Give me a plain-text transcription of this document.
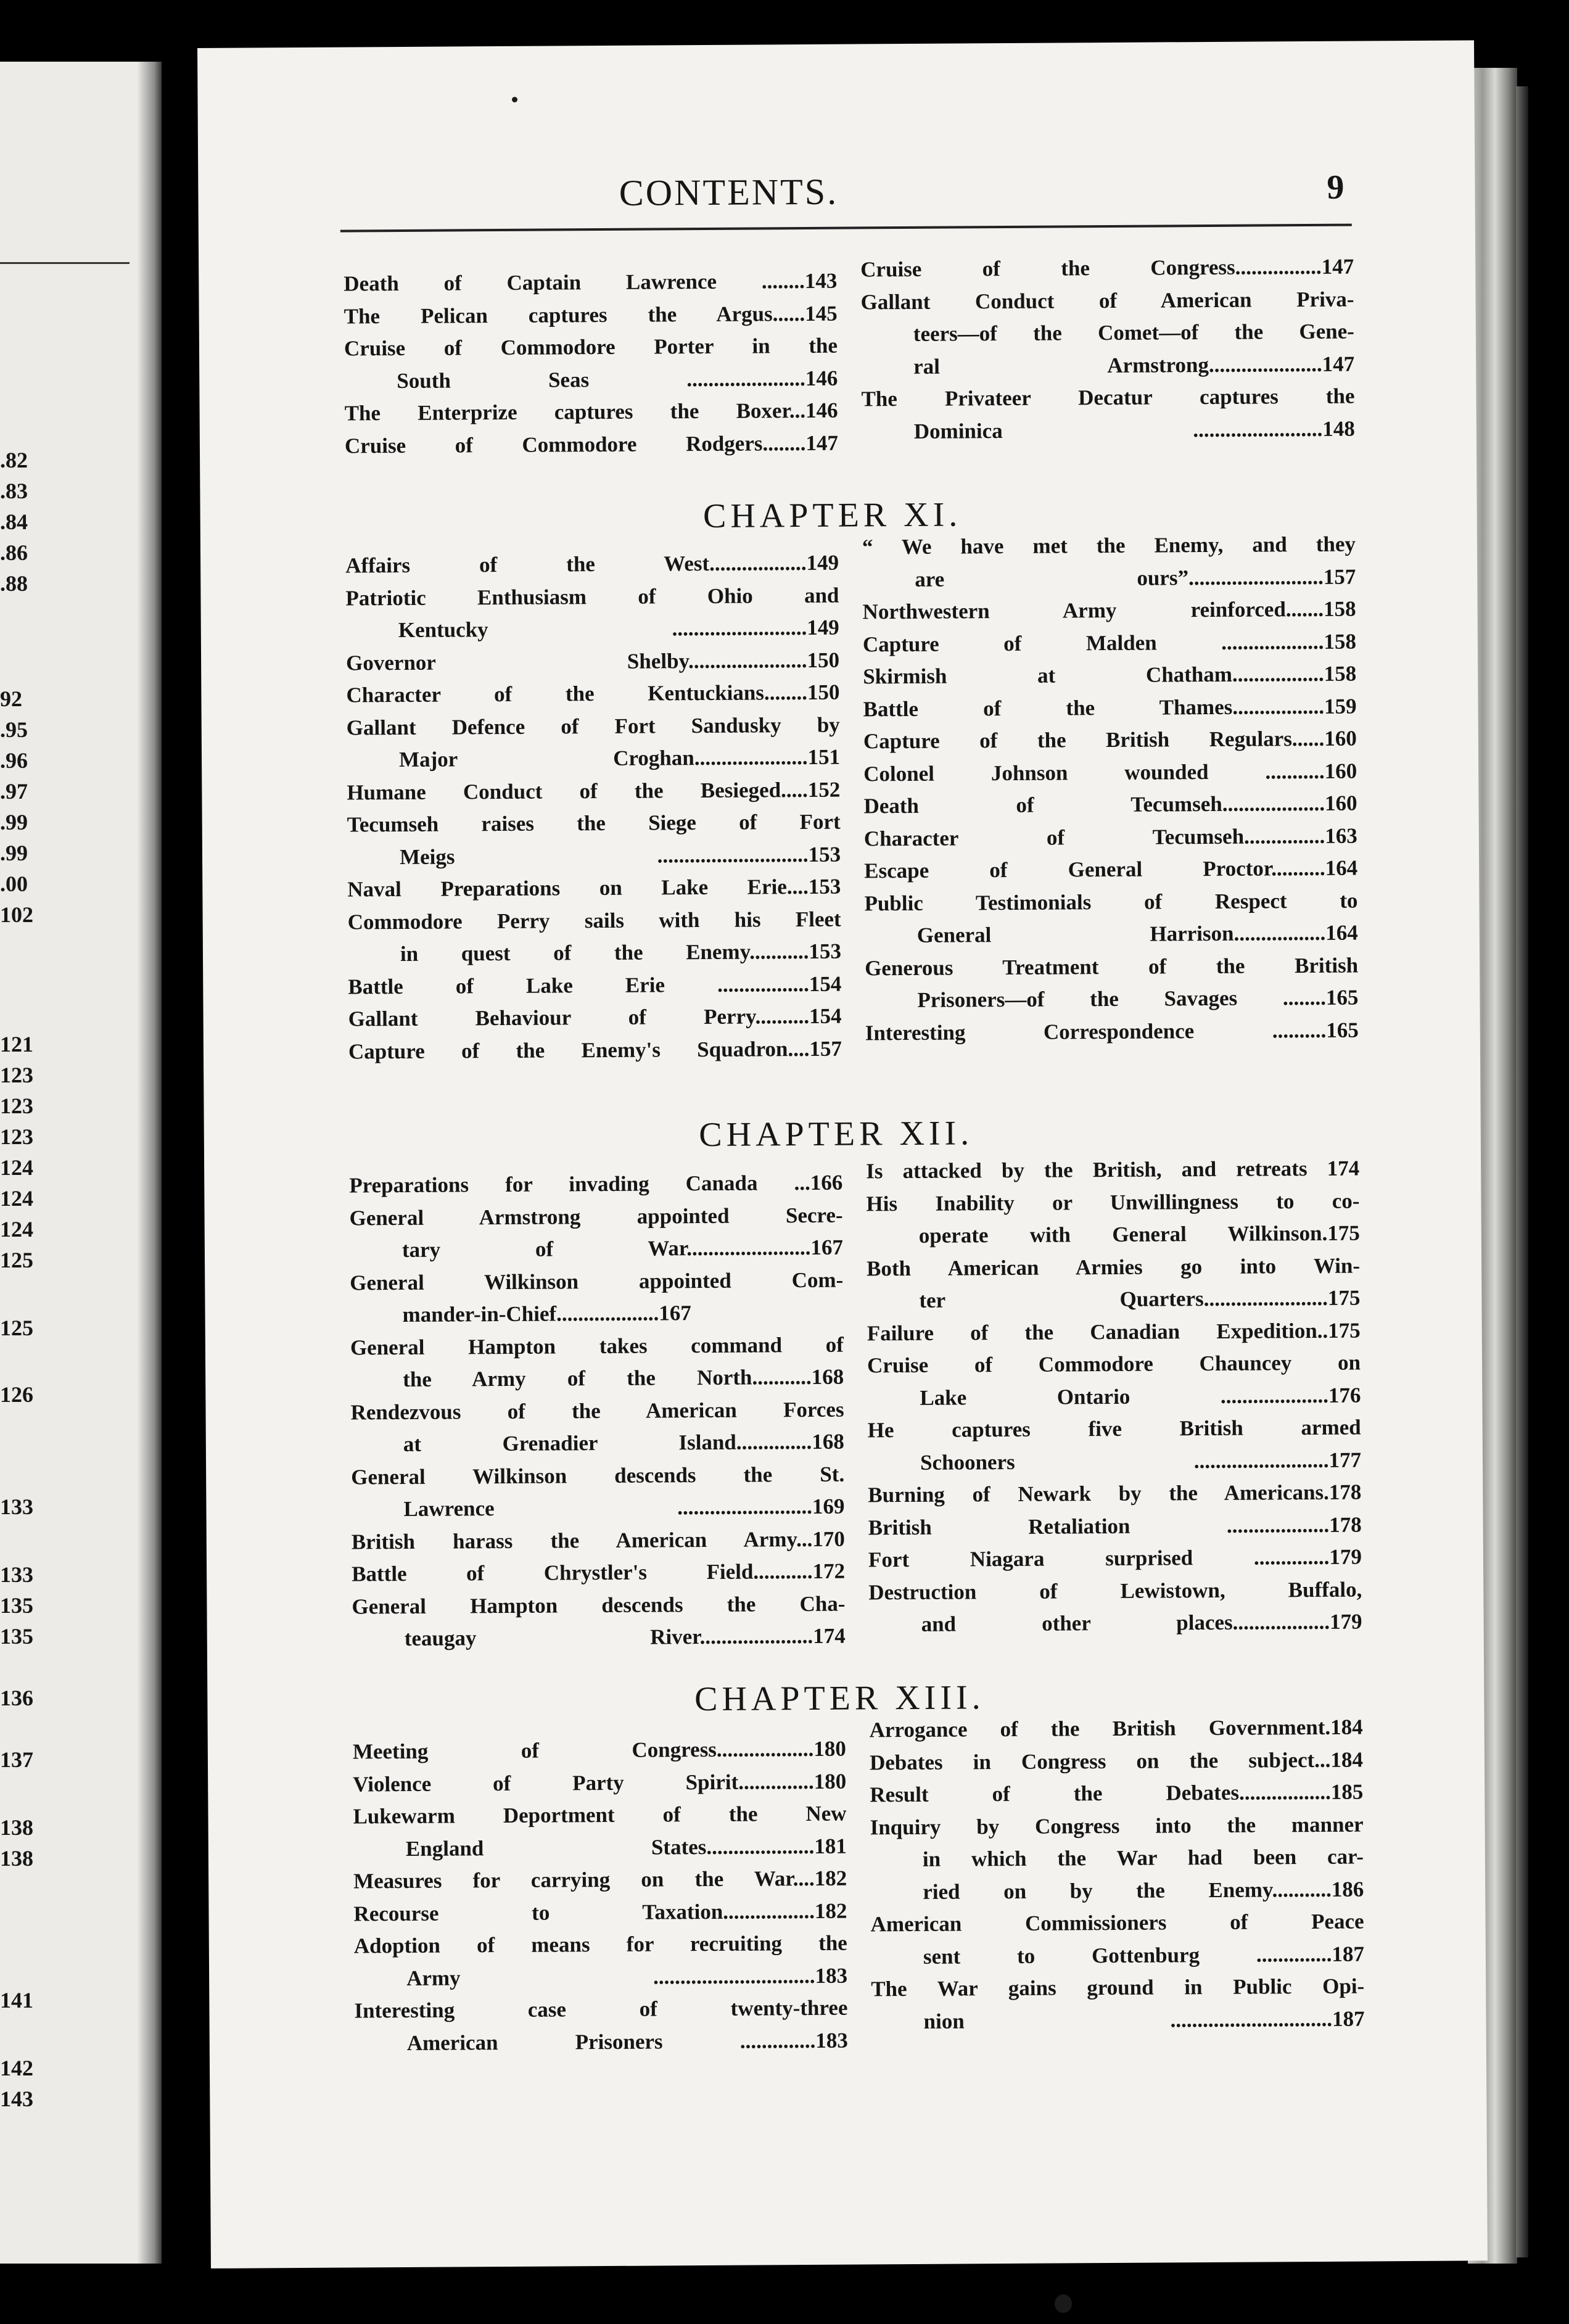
.82
.83
.84
.86
.88
92
.95
.96
.97
.99
.99
.00
102
121
123
123
123
124
124
124
125
125
126
133
133
135
135
136
137
138
138
141
142
143
CONTENTS.	9
Death of Captain Lawrence ........143
The Pelican captures the Argus......145
Cruise of Commodore Porter in the
South Seas ......................146
The Enterprize captures the Boxer...146
Cruise of Commodore Rodgers........147
Cruise of the Congress................147
Gallant Conduct of American Priva-
teers—of the Comet—of the Gene-
ral Armstrong.....................147
The Privateer Decatur captures the
Dominica ........................148
CHAPTER XI.
Affairs of the West..................149
Patriotic Enthusiasm of Ohio and
Kentucky .........................149
Governor Shelby......................150
Character of the Kentuckians........150
Gallant Defence of Fort Sandusky by
Major Croghan.....................151
Humane Conduct of the Besieged.....152
Tecumseh raises the Siege of Fort
Meigs ............................153
Naval Preparations on Lake Erie....153
Commodore Perry sails with his Fleet
in quest of the Enemy...........153
Battle of Lake Erie .................154
Gallant Behaviour of Perry..........154
Capture of the Enemy's Squadron....157
“ We have met the Enemy, and they
are ours”.........................157
Northwestern Army reinforced.......158
Capture of Malden ...................158
Skirmish at Chatham.................158
Battle of the Thames.................159
Capture of the British Regulars......160
Colonel Johnson wounded ...........160
Death of Tecumseh...................160
Character of Tecumseh...............163
Escape of General Proctor..........164
Public Testimonials of Respect to
General Harrison.................164
Generous Treatment of the British
Prisoners—of the Savages ........165
Interesting Correspondence ..........165
CHAPTER XII.
Preparations for invading Canada ...166
General Armstrong appointed Secre-
tary of War.......................167
General Wilkinson appointed Com-
mander-in-Chief...................167
General Hampton takes command of
the Army of the North...........168
Rendezvous of the American Forces
at Grenadier Island..............168
General Wilkinson descends the St.
Lawrence .........................169
British harass the American Army...170
Battle of Chrystler's Field...........172
General Hampton descends the Cha-
teaugay River.....................174
Is attacked by the British, and retreats 174
His Inability or Unwillingness to co-
operate with General Wilkinson.175
Both American Armies go into Win-
ter Quarters.......................175
Failure of the Canadian Expedition..175
Cruise of Commodore Chauncey on
Lake Ontario ....................176
He captures five British armed
Schooners .........................177
Burning of Newark by the Americans.178
British Retaliation ...................178
Fort Niagara surprised ..............179
Destruction of Lewistown, Buffalo,
and other places..................179
CHAPTER XIII.
Meeting of Congress..................180
Violence of Party Spirit..............180
Lukewarm Deportment of the New
England States....................181
Measures for carrying on the War....182
Recourse to Taxation.................182
Adoption of means for recruiting the
Army ..............................183
Interesting case of twenty-three
American Prisoners ..............183
Arrogance of the British Government.184
Debates in Congress on the subject...184
Result of the Debates.................185
Inquiry by Congress into the manner
in which the War had been car-
ried on by the Enemy...........186
American Commissioners of Peace
sent to Gottenburg ..............187
The War gains ground in Public Opi-
nion ..............................187
